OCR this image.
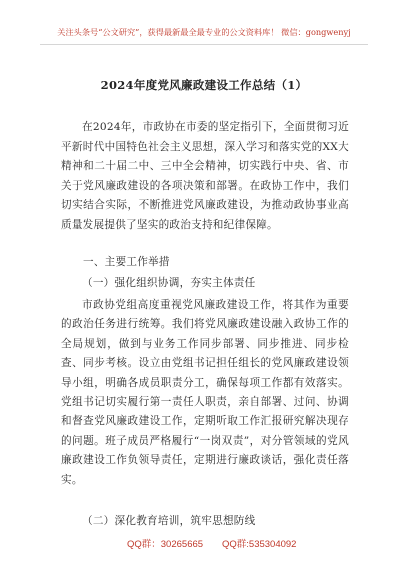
关注头条号“公文研究”，获得最新最全最专业的公文资料库！ 微信：gongwenyj
2024年度党风廉政建设工作总结（1）
在2024年，市政协在市委的坚定指引下，全面贯彻习近平新时代中国特色社会主义思想，深入学习和落实党的XX大精神和二十届二中、三中全会精神，切实践行中央、省、市关于党风廉政建设的各项决策和部署。在政协工作中，我们切实结合实际，不断推进党风廉政建设，为推动政协事业高质量发展提供了坚实的政治支持和纪律保障。
一、主要工作举措
（一）强化组织协调，夯实主体责任
市政协党组高度重视党风廉政建设工作，将其作为重要的政治任务进行统筹。我们将党风廉政建设融入政协工作的全局规划，做到与业务工作同步部署、同步推进、同步检查、同步考核。设立由党组书记担任组长的党风廉政建设领导小组，明确各成员职责分工，确保每项工作都有效落实。党组书记切实履行第一责任人职责，亲自部署、过问、协调和督查党风廉政建设工作，定期听取工作汇报研究解决现存的问题。班子成员严格履行“一岗双责”，对分管领域的党风廉政建设工作负领导责任，定期进行廉政谈话，强化责任落实。
（二）深化教育培训，筑牢思想防线
QQ群：30265665 QQ群:535304092
